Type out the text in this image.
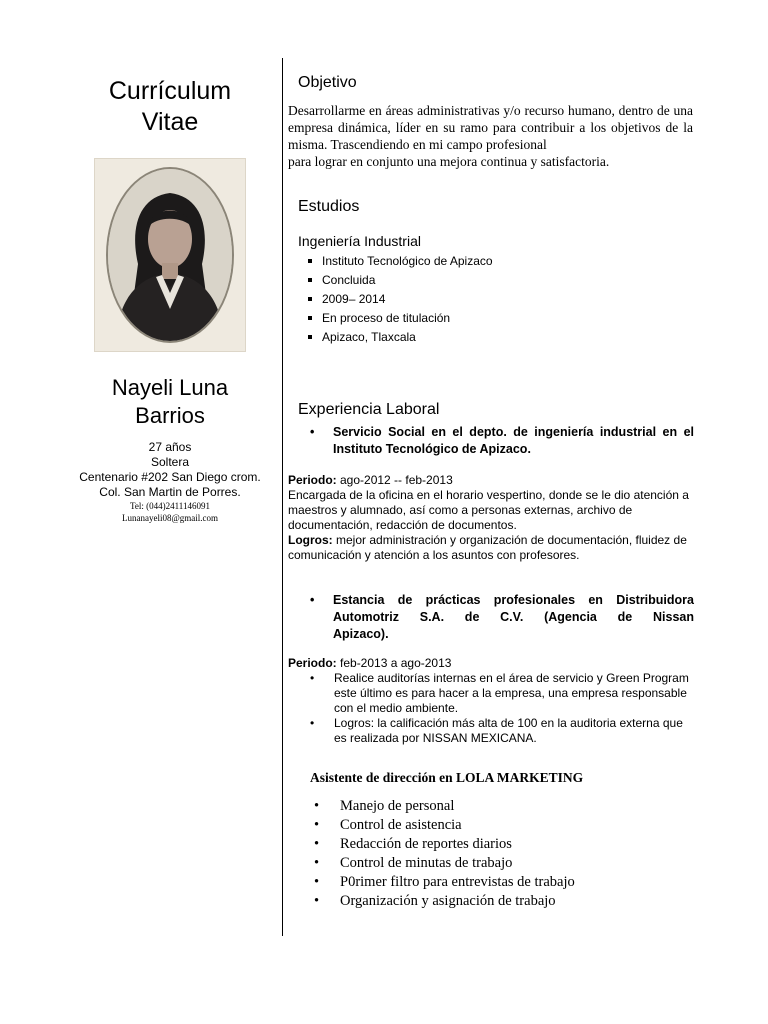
Currículum
Vitae
Nayeli Luna
Barrios
27 años
Soltera
Centenario #202 San Diego crom.
Col. San Martin de Porres.
Tel: (044)2411146091
Lunanayeli08@gmail.com
Objetivo
Desarrollarme en áreas administrativas y/o recurso humano, dentro de una empresa dinámica, líder en su ramo para contribuir a los objetivos de la misma. Trascendiendo en mi campo profesional
para lograr en conjunto una mejora continua y satisfactoria.
Estudios
Ingeniería Industrial
Instituto Tecnológico de Apizaco
Concluida
2009– 2014
En proceso de titulación
Apizaco, Tlaxcala
Experiencia Laboral
• Servicio Social en el depto. de ingeniería industrial en el
Instituto Tecnológico de Apizaco.
Periodo: ago-2012 -- feb-2013
Encargada de la oficina en el horario vespertino, donde se le dio atención a maestros y alumnado, así como a personas externas, archivo de documentación, redacción de documentos.
Logros: mejor administración y organización de documentación, fluidez de comunicación y atención a los asuntos con profesores.
• Estancia de prácticas profesionales en Distribuidora
Automotriz S.A. de C.V. (Agencia de Nissan
Apizaco).
Periodo: feb-2013 a ago-2013
• Realice auditorías internas en el área de servicio y Green Program este último es para hacer a la empresa, una empresa responsable con el medio ambiente.
• Logros: la calificación más alta de 100 en la auditoria externa que es realizada por NISSAN MEXICANA.
Asistente de dirección en LOLA MARKETING
• Manejo de personal
• Control de asistencia
• Redacción de reportes diarios
• Control de minutas de trabajo
• P0rimer filtro para entrevistas de trabajo
• Organización y asignación de trabajo
